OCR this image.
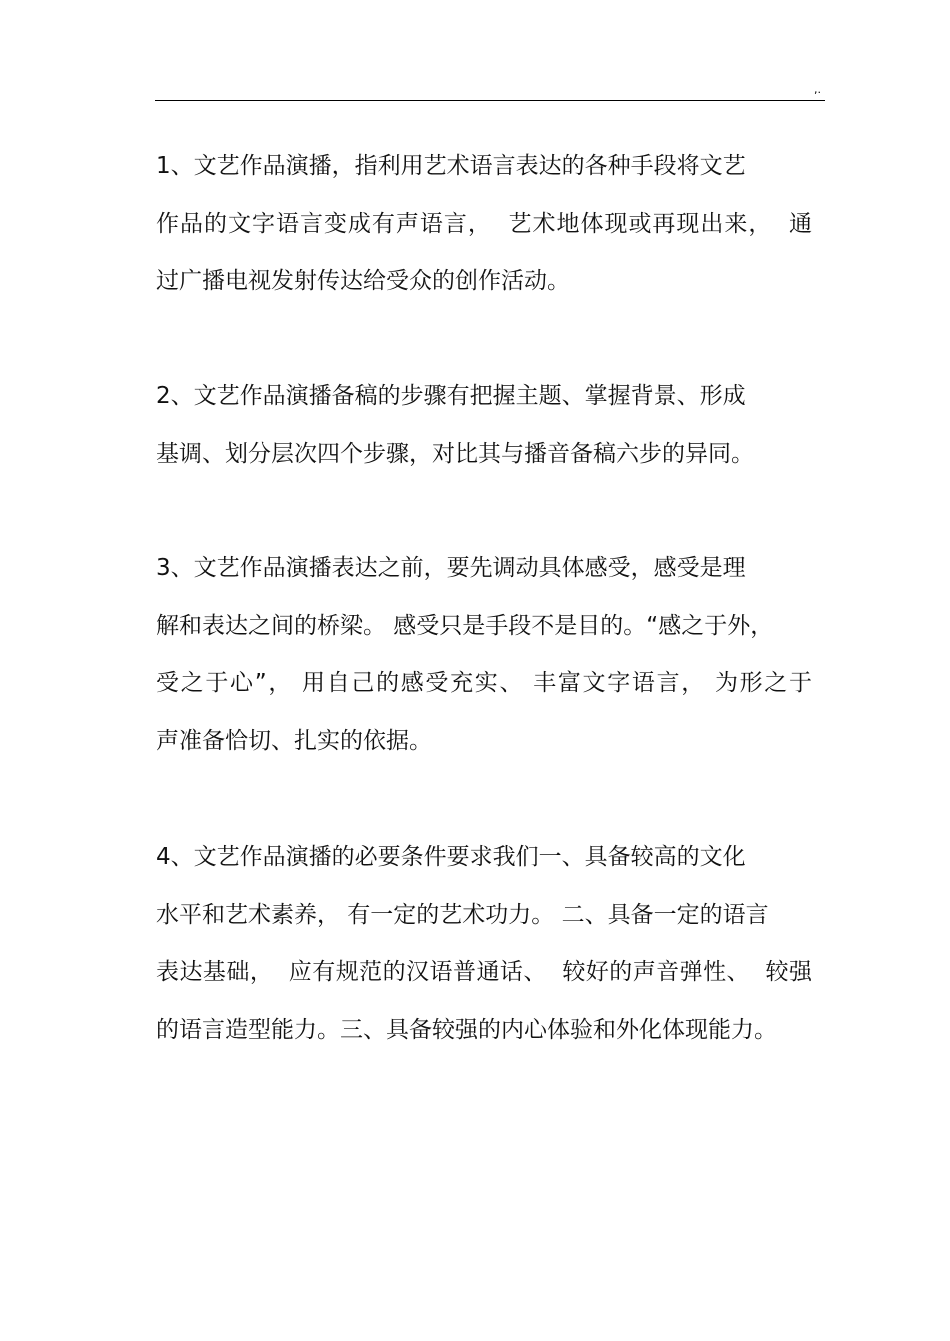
,.
1、文艺作品演播，指利用艺术语言表达的各种手段将文艺
作品的文字语言变成有声语言，  艺术地体现或再现出来，  通
过广播电视发射传达给受众的创作活动。
2、文艺作品演播备稿的步骤有把握主题、掌握背景、形成
基调、划分层次四个步骤，对比其与播音备稿六步的异同。
3、文艺作品演播表达之前，要先调动具体感受，感受是理
解和表达之间的桥梁。 感受只是手段不是目的。“感之于外，
受之于心”， 用自己的感受充实、 丰富文字语言， 为形之于
声准备恰切、扎实的依据。
4、文艺作品演播的必要条件要求我们一、具备较高的文化
水平和艺术素养， 有一定的艺术功力。 二、具备一定的语言
表达基础，  应有规范的汉语普通话、  较好的声音弹性、  较强
的语言造型能力。三、具备较强的内心体验和外化体现能力。
